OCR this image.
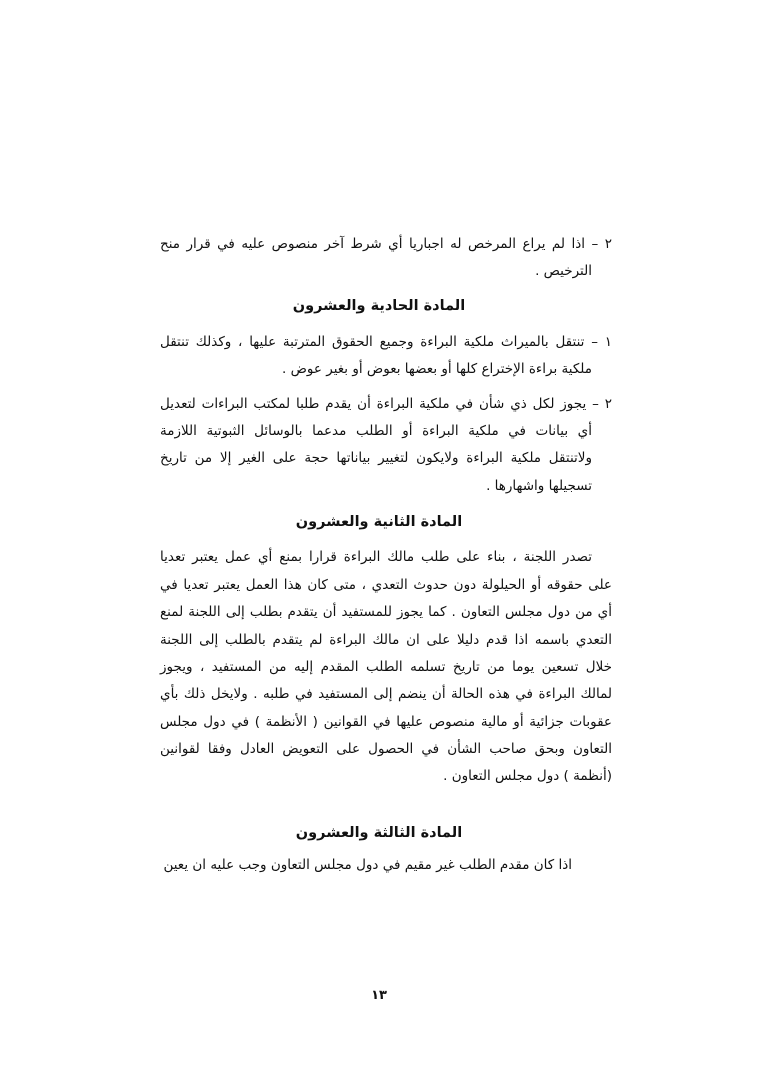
٢ – اذا لم يراع المرخص له اجباريا أي شرط آخر منصوص عليه في قرار منح
الترخيص .
المادة الحادية والعشرون
١ – تنتقل بالميراث ملكية البراءة وجميع الحقوق المترتبة عليها ، وكذلك تنتقل
ملكية براءة الإختراع كلها أو بعضها بعوض أو بغير عوض .
٢ – يجوز لكل ذي شأن في ملكية البراءة أن يقدم طلبا لمكتب البراءات لتعديل
أي بيانات في ملكية البراءة أو الطلب مدعما بالوسائل الثبوتية اللازمة
ولاتنتقل ملكية البراءة ولايكون لتغيير بياناتها حجة على الغير إلا من تاريخ
تسجيلها واشهارها .
المادة الثانية والعشرون
تصدر اللجنة ، بناء على طلب مالك البراءة قرارا بمنع أي عمل يعتبر تعديا
على حقوقه أو الحيلولة دون حدوث التعدي ، متى كان هذا العمل يعتبر تعديا في
أي من دول مجلس التعاون . كما يجوز للمستفيد أن يتقدم بطلب إلى اللجنة لمنع
التعدي باسمه اذا قدم دليلا على ان مالك البراءة لم يتقدم بالطلب إلى اللجنة
خلال تسعين يوما من تاريخ تسلمه الطلب المقدم إليه من المستفيد ، ويجوز
لمالك البراءة في هذه الحالة أن ينضم إلى المستفيد في طلبه . ولايخل ذلك بأي
عقوبات جزائية أو مالية منصوص عليها في القوانين ( الأنظمة ) في دول مجلس
التعاون وبحق صاحب الشأن في الحصول على التعويض العادل وفقا لقوانين
(أنظمة ) دول مجلس التعاون .
المادة الثالثة والعشرون
اذا كان مقدم الطلب غير مقيم في دول مجلس التعاون وجب عليه ان يعين
١٣
